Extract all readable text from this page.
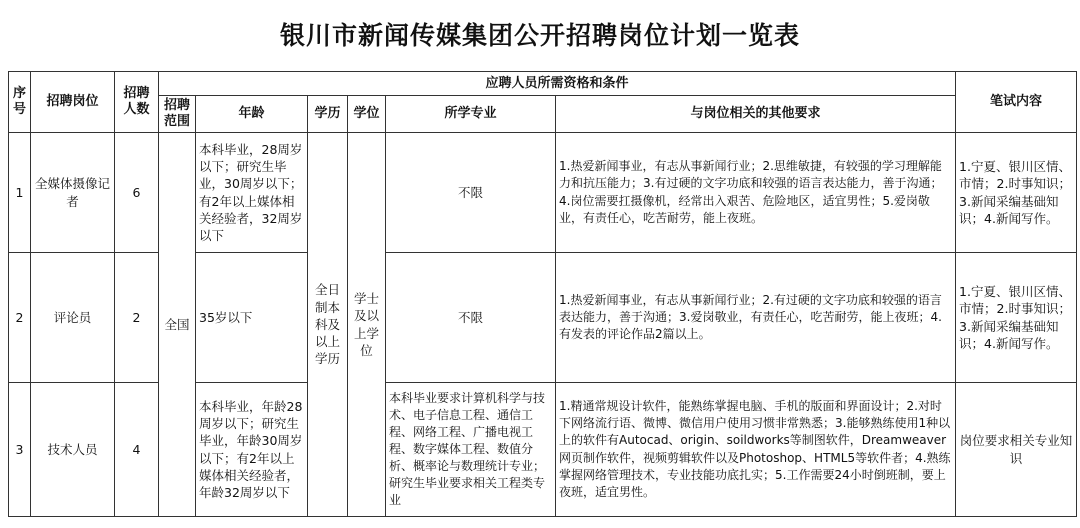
银川市新闻传媒集团公开招聘岗位计划一览表
序号	招聘岗位	招聘人数	应聘人员所需资格和条件						笔试内容
			招聘范围	年龄	学历	学位	所学专业	与岗位相关的其他要求	
1	全媒体摄像记者	6	全国	本科毕业，28周岁以下；研究生毕业，30周岁以下；有2年以上媒体相关经验者，32周岁以下	全日制本科及以上学历	学士及以上学位	不限	1.热爱新闻事业，有志从事新闻行业；2.思维敏捷，有较强的学习理解能力和抗压能力；3.有过硬的文字功底和较强的语言表达能力，善于沟通；4.岗位需要扛摄像机，经常出入艰苦、危险地区，适宜男性；5.爱岗敬业，有责任心，吃苦耐劳，能上夜班。	1.宁夏、银川区情、市情；2.时事知识；3.新闻采编基础知识；4.新闻写作。
2	评论员	2		35岁以下			不限	1.热爱新闻事业，有志从事新闻行业；2.有过硬的文字功底和较强的语言表达能力，善于沟通；3.爱岗敬业，有责任心，吃苦耐劳，能上夜班；4.有发表的评论作品2篇以上。	1.宁夏、银川区情、市情；2.时事知识；3.新闻采编基础知识；4.新闻写作。
3	技术人员	4		本科毕业，年龄28周岁以下；研究生毕业，年龄30周岁以下；有2年以上媒体相关经验者，年龄32周岁以下			本科毕业要求计算机科学与技术、电子信息工程、通信工程、网络工程、广播电视工程、数字媒体工程、数值分析、概率论与数理统计专业；研究生毕业要求相关工程类专业	1.精通常规设计软件，能熟练掌握电脑、手机的版面和界面设计；2.对时下网络流行语、微博、微信用户使用习惯非常熟悉；3.能够熟练使用1种以上的软件有Autocad、origin、soildworks等制图软件，Dreamweaver网页制作软件，视频剪辑软件以及Photoshop、HTML5等软件者；4.熟练掌握网络管理技术，专业技能功底扎实；5.工作需要24小时倒班制，要上夜班，适宜男性。	岗位要求相关专业知识
